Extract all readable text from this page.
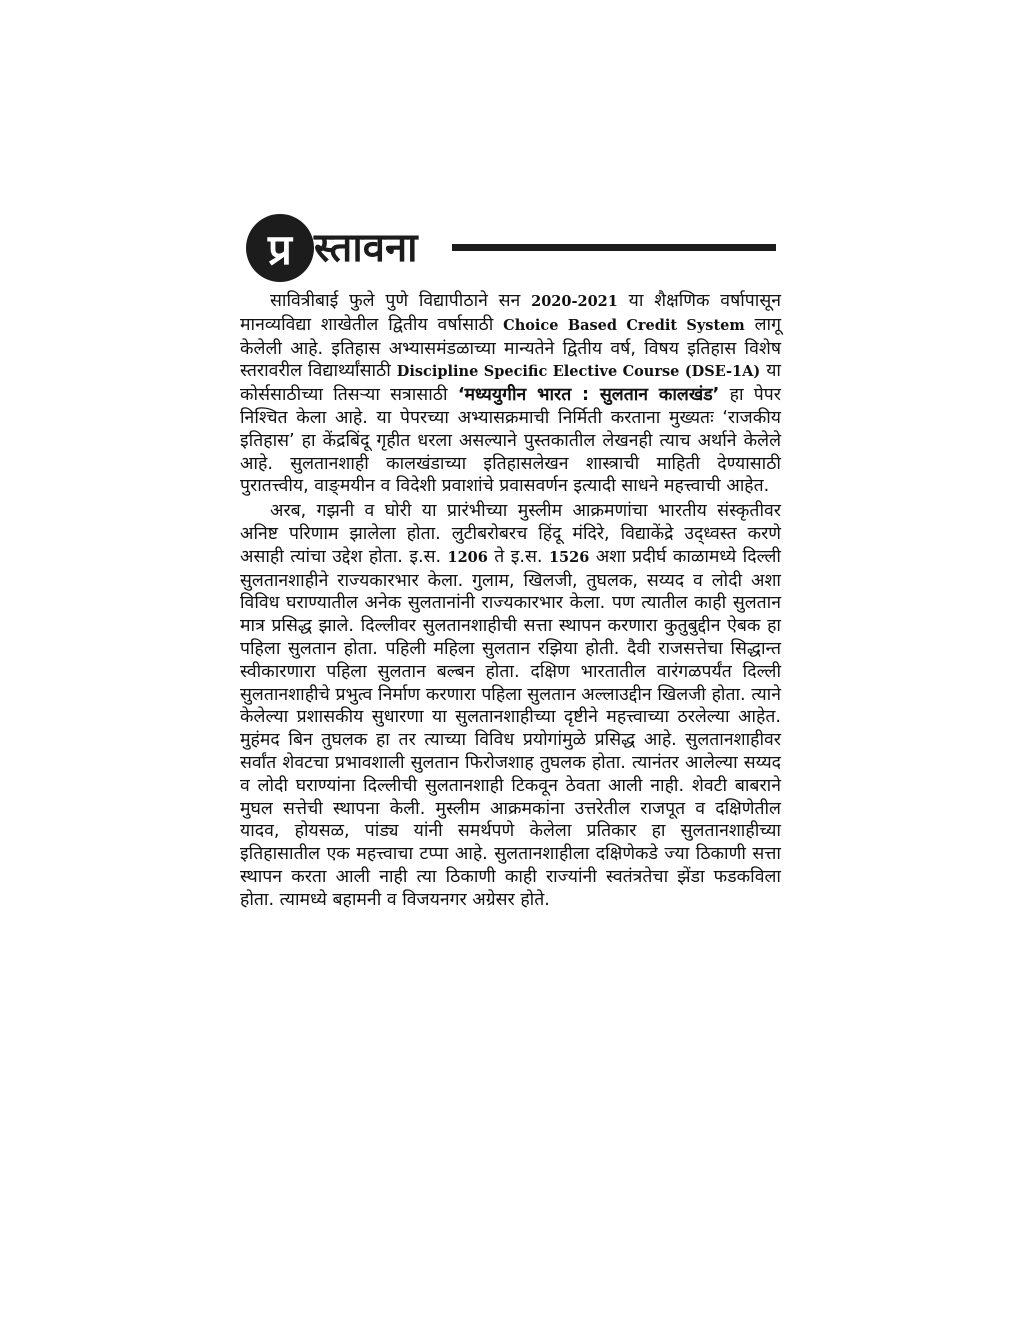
प्र स्तावना

सावित्रीबाई फुले पुणे विद्यापीठाने सन 2020-2021 या शैक्षणिक वर्षापासून मानव्यविद्या शाखेतील द्वितीय वर्षासाठी Choice Based Credit System लागू केलेली आहे. इतिहास अभ्यासमंडळाच्या मान्यतेने द्वितीय वर्ष, विषय इतिहास विशेष स्तरावरील विद्यार्थ्यांसाठी Discipline Specific Elective Course (DSE-1A) या कोर्ससाठीच्या तिसऱ्या सत्रासाठी ‘मध्ययुगीन भारत : सुलतान कालखंड’ हा पेपर निश्चित केला आहे. या पेपरच्या अभ्यासक्रमाची निर्मिती करताना मुख्यतः ‘राजकीय इतिहास’ हा केंद्रबिंदू गृहीत धरला असल्याने पुस्तकातील लेखनही त्याच अर्थाने केलेले आहे. सुलतानशाही कालखंडाच्या इतिहासलेखन शास्त्राची माहिती देण्यासाठी पुरातत्त्वीय, वाङ्‌मयीन व विदेशी प्रवाशांचे प्रवासवर्णन इत्यादी साधने महत्त्वाची आहेत.

अरब, गझनी व घोरी या प्रारंभीच्या मुस्लीम आक्रमणांचा भारतीय संस्कृतीवर अनिष्ट परिणाम झालेला होता. लुटीबरोबरच हिंदू मंदिरे, विद्याकेंद्रे उद्ध्वस्त करणे असाही त्यांचा उद्देश होता. इ.स. 1206 ते इ.स. 1526 अशा प्रदीर्घ काळामध्ये दिल्ली सुलतानशाहीने राज्यकारभार केला. गुलाम, खिलजी, तुघलक, सय्यद व लोदी अशा विविध घराण्यातील अनेक सुलतानांनी राज्यकारभार केला. पण त्यातील काही सुलतान मात्र प्रसिद्ध झाले. दिल्लीवर सुलतानशाहीची सत्ता स्थापन करणारा कुतुबुद्दीन ऐबक हा पहिला सुलतान होता. पहिली महिला सुलतान रझिया होती. दैवी राजसत्तेचा सिद्धान्त स्वीकारणारा पहिला सुलतान बल्बन होता. दक्षिण भारतातील वारंगळपर्यंत दिल्ली सुलतानशाहीचे प्रभुत्व निर्माण करणारा पहिला सुलतान अल्लाउद्दीन खिलजी होता. त्याने केलेल्या प्रशासकीय सुधारणा या सुलतानशाहीच्या दृष्टीने महत्त्वाच्या ठरलेल्या आहेत. मुहंमद बिन तुघलक हा तर त्याच्या विविध प्रयोगांमुळे प्रसिद्ध आहे. सुलतानशाहीवर सर्वांत शेवटचा प्रभावशाली सुलतान फिरोजशाह तुघलक होता. त्यानंतर आलेल्या सय्यद व लोदी घराण्यांना दिल्लीची सुलतानशाही टिकवून ठेवता आली नाही. शेवटी बाबराने मुघल सत्तेची स्थापना केली. मुस्लीम आक्रमकांना उत्तरेतील राजपूत व दक्षिणेतील यादव, होयसळ, पांड्य यांनी समर्थपणे केलेला प्रतिकार हा सुलतानशाहीच्या इतिहासातील एक महत्त्वाचा टप्पा आहे. सुलतानशाहीला दक्षिणेकडे ज्या ठिकाणी सत्ता स्थापन करता आली नाही त्या ठिकाणी काही राज्यांनी स्वतंत्रतेचा झेंडा फडकविला होता. त्यामध्ये बहामनी व विजयनगर अग्रेसर होते.
